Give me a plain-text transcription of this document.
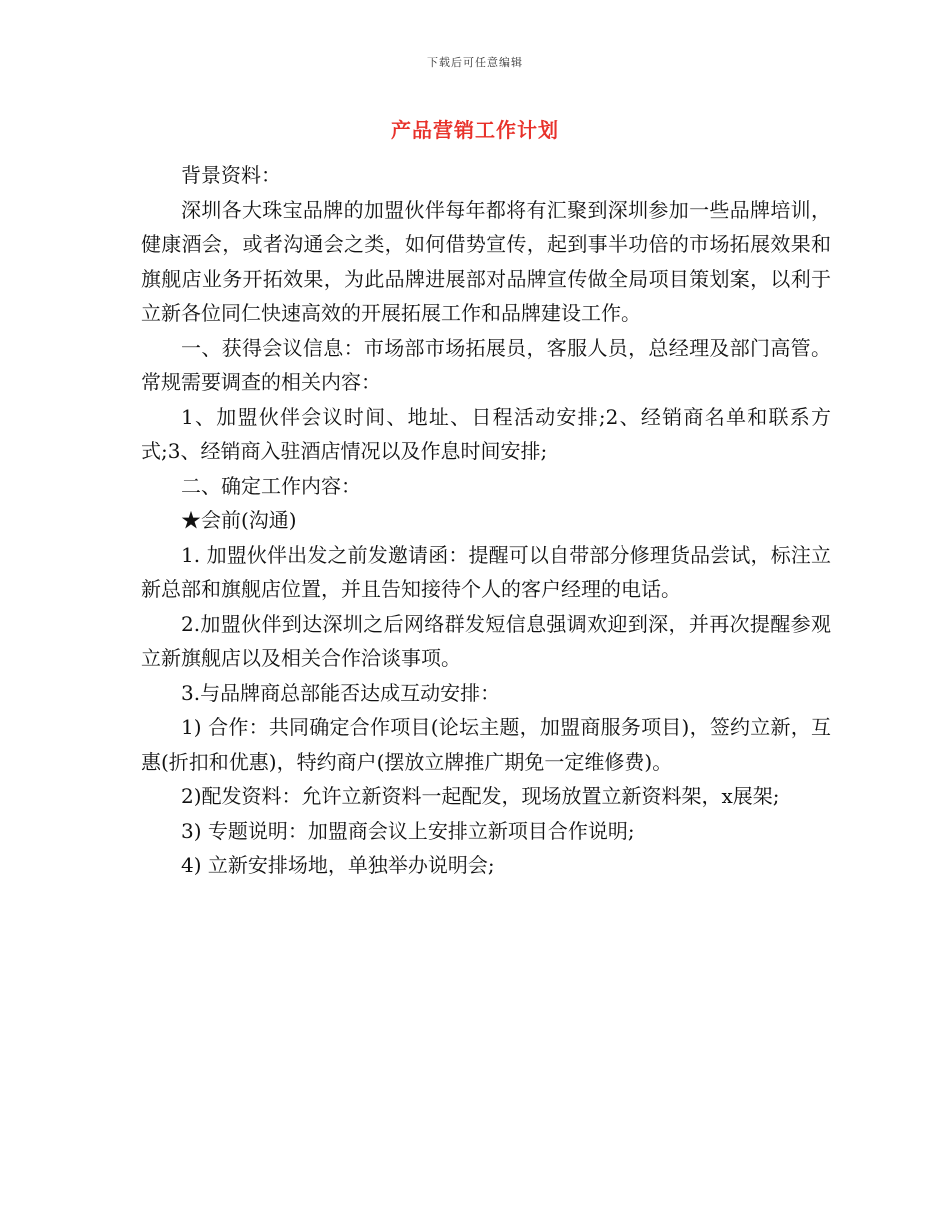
下载后可任意编辑
产品营销工作计划

背景资料：

深圳各大珠宝品牌的加盟伙伴每年都将有汇聚到深圳参加一些品牌培训，健康酒会，或者沟通会之类，如何借势宣传，起到事半功倍的市场拓展效果和旗舰店业务开拓效果，为此品牌进展部对品牌宣传做全局项目策划案，以利于立新各位同仁快速高效的开展拓展工作和品牌建设工作。

一、获得会议信息：市场部市场拓展员，客服人员，总经理及部门高管。常规需要调查的相关内容：

1、加盟伙伴会议时间、地址、日程活动安排;2、经销商名单和联系方式;3、经销商入驻酒店情况以及作息时间安排;

二、确定工作内容：

★会前(沟通)

1. 加盟伙伴出发之前发邀请函：提醒可以自带部分修理货品尝试，标注立新总部和旗舰店位置，并且告知接待个人的客户经理的电话。

2.加盟伙伴到达深圳之后网络群发短信息强调欢迎到深，并再次提醒参观立新旗舰店以及相关合作洽谈事项。

3.与品牌商总部能否达成互动安排：

1) 合作：共同确定合作项目(论坛主题，加盟商服务项目)，签约立新，互惠(折扣和优惠)，特约商户(摆放立牌推广期免一定维修费)。

2)配发资料：允许立新资料一起配发，现场放置立新资料架，x展架;

3) 专题说明：加盟商会议上安排立新项目合作说明;

4) 立新安排场地，单独举办说明会;
